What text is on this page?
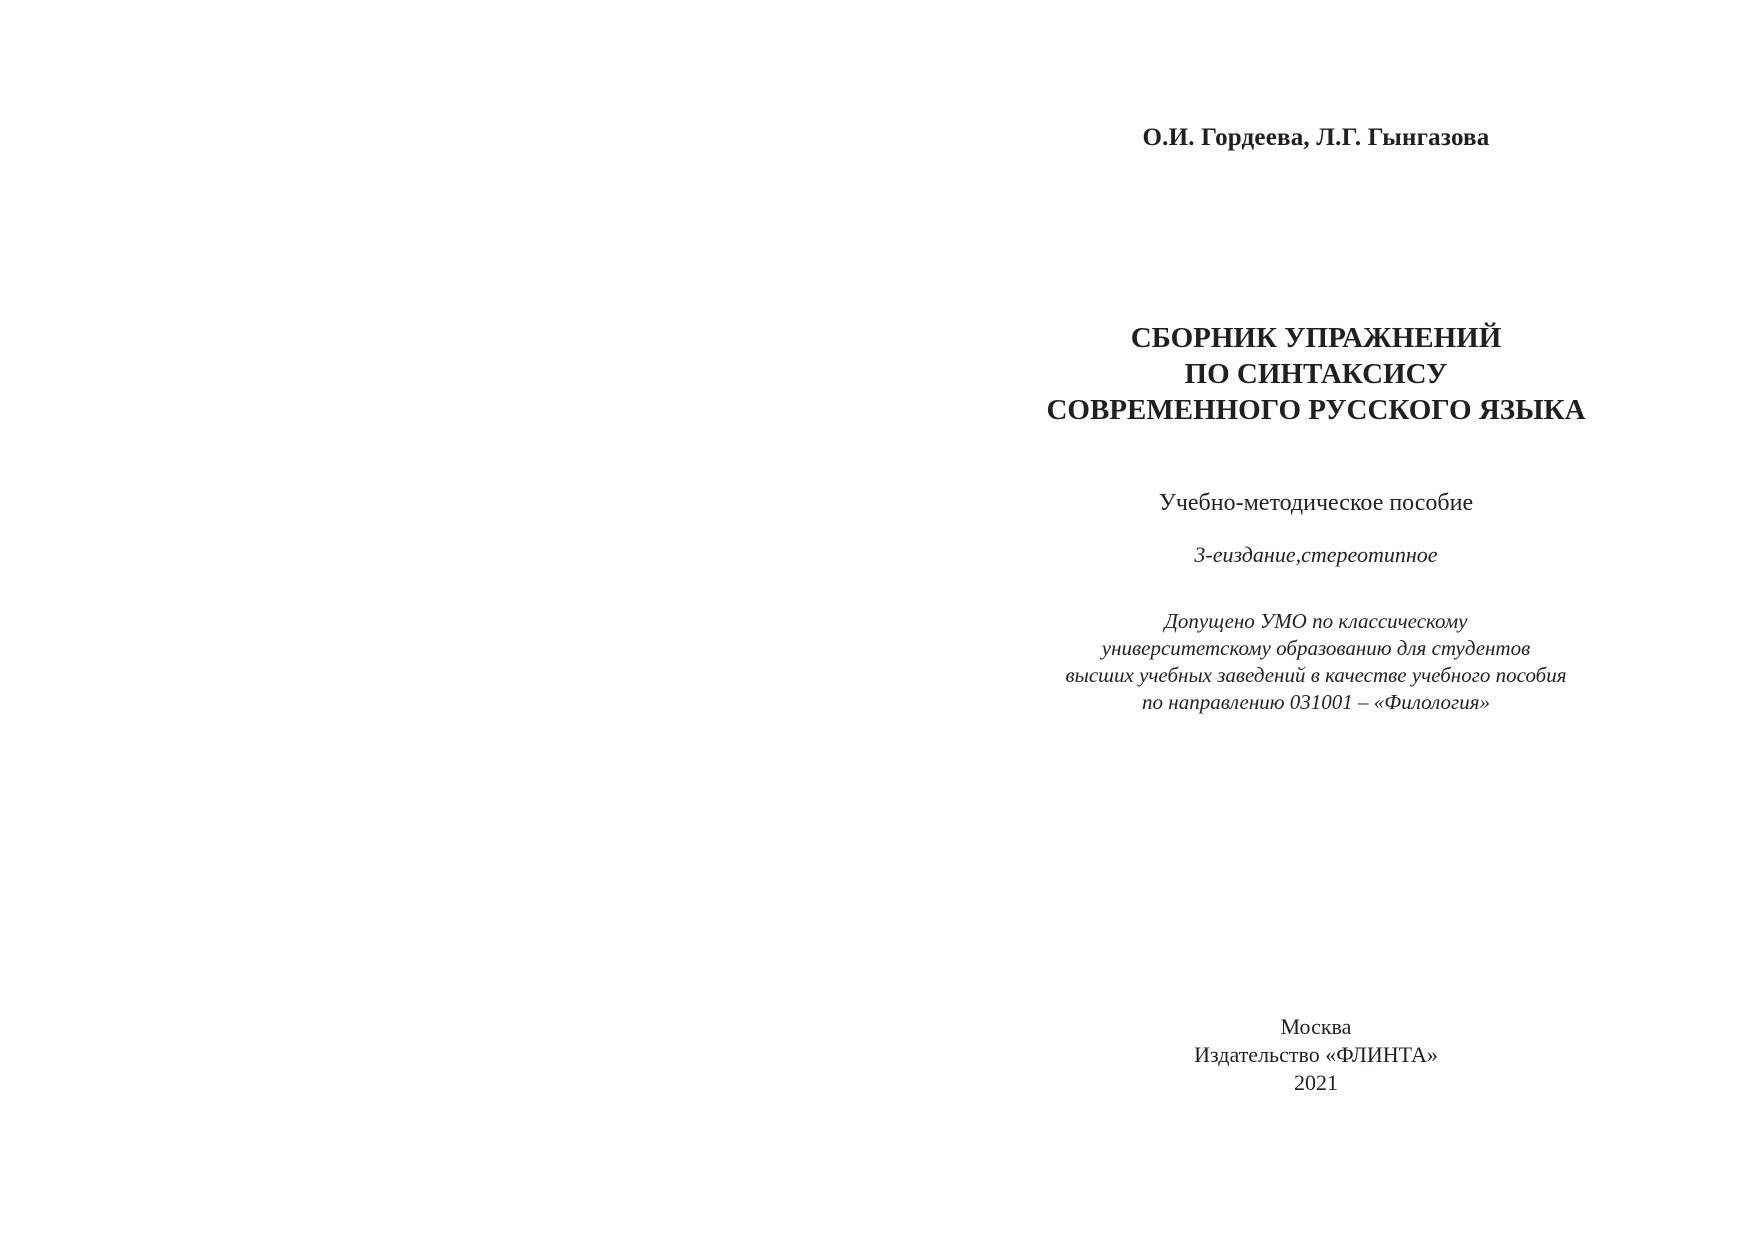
О.И. Гордеева, Л.Г. Гынгазова
СБОРНИК УПРАЖНЕНИЙ
ПО СИНТАКСИСУ
СОВРЕМЕННОГО РУССКОГО ЯЗЫКА
Учебно-методическое пособие
3-еиздание,стереотипное
Допущено УМО по классическому
университетскому образованию для студентов
высших учебных заведений в качестве учебного пособия
по направлению 031001 – «Филология»
Москва
Издательство «ФЛИНТА»
2021
